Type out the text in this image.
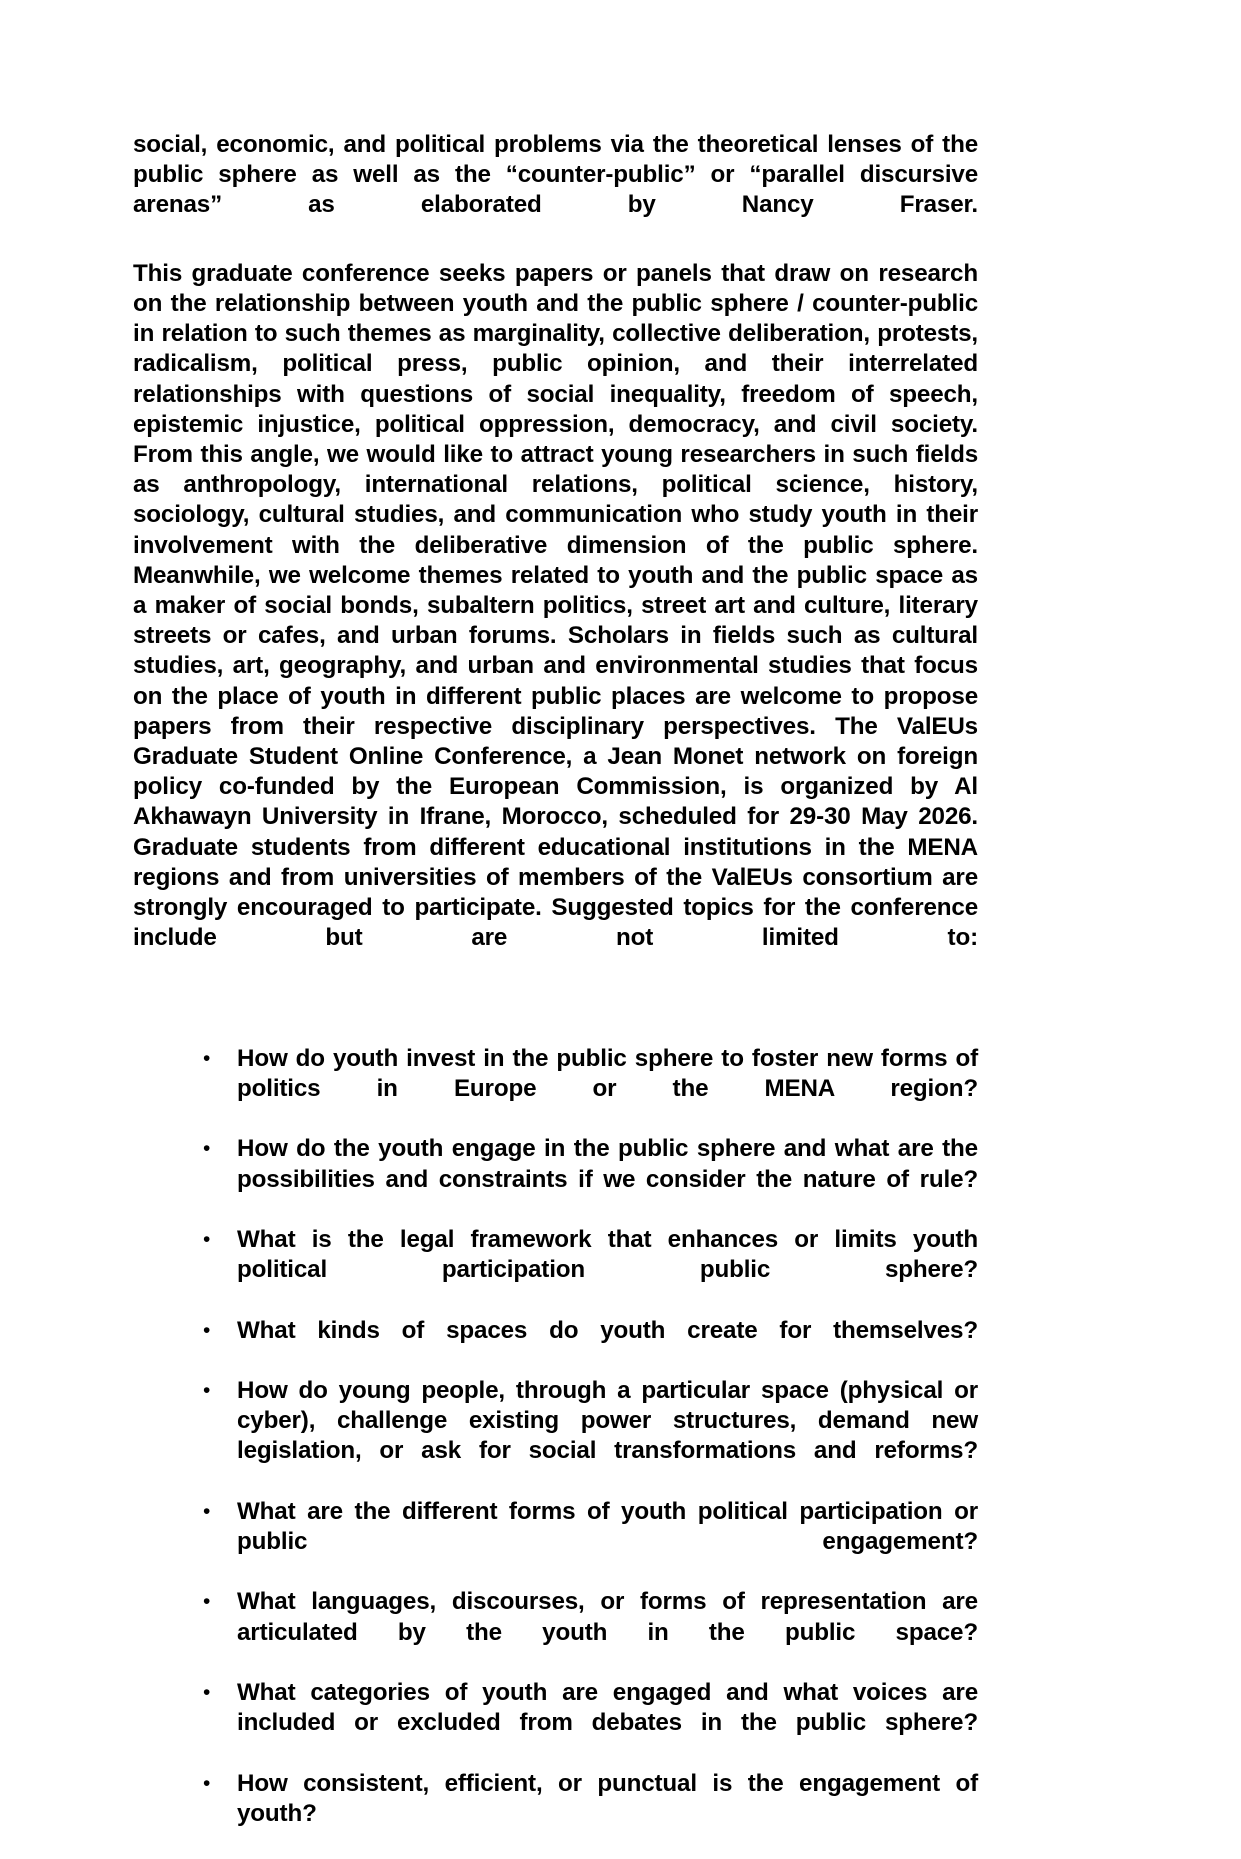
social, economic, and political problems via the theoretical lenses of the public sphere as well as the “counter-public” or “parallel discursive arenas” as elaborated by Nancy Fraser.

This graduate conference seeks papers or panels that draw on research on the relationship between youth and the public sphere / counter-public in relation to such themes as marginality, collective deliberation, protests, radicalism, political press, public opinion, and their interrelated relationships with questions of social inequality, freedom of speech, epistemic injustice, political oppression, democracy, and civil society. From this angle, we would like to attract young researchers in such fields as anthropology, international relations, political science, history, sociology, cultural studies, and communication who study youth in their involvement with the deliberative dimension of the public sphere. Meanwhile, we welcome themes related to youth and the public space as a maker of social bonds, subaltern politics, street art and culture, literary streets or cafes, and urban forums. Scholars in fields such as cultural studies, art, geography, and urban and environmental studies that focus on the place of youth in different public places are welcome to propose papers from their respective disciplinary perspectives. The ValEUs Graduate Student Online Conference, a Jean Monet network on foreign policy co-funded by the European Commission, is organized by Al Akhawayn University in Ifrane, Morocco, scheduled for 29-30 May 2026. Graduate students from different educational institutions in the MENA regions and from universities of members of the ValEUs consortium are strongly encouraged to participate. Suggested topics for the conference include but are not limited to:

• How do youth invest in the public sphere to foster new forms of politics in Europe or the MENA region?
• How do the youth engage in the public sphere and what are the possibilities and constraints if we consider the nature of rule?
• What is the legal framework that enhances or limits youth political participation public sphere?
• What kinds of spaces do youth create for themselves?
• How do young people, through a particular space (physical or cyber), challenge existing power structures, demand new legislation, or ask for social transformations and reforms?
• What are the different forms of youth political participation or public engagement?
• What languages, discourses, or forms of representation are articulated by the youth in the public space?
• What categories of youth are engaged and what voices are included or excluded from debates in the public sphere?
• How consistent, efficient, or punctual is the engagement of youth?
